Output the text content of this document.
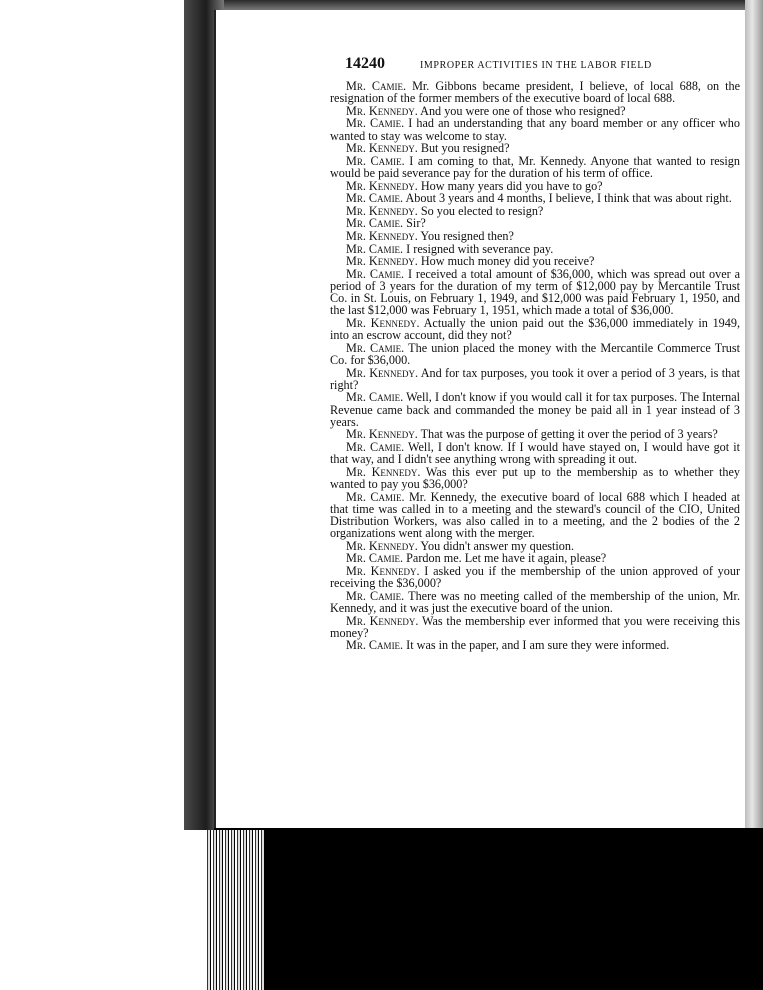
14240	IMPROPER ACTIVITIES IN THE LABOR FIELD

Mr. Camie. Mr. Gibbons became president, I believe, of local 688, on the resignation of the former members of the executive board of local 688.

Mr. Kennedy. And you were one of those who resigned?

Mr. Camie. I had an understanding that any board member or any officer who wanted to stay was welcome to stay.

Mr. Kennedy. But you resigned?

Mr. Camie. I am coming to that, Mr. Kennedy. Anyone that wanted to resign would be paid severance pay for the duration of his term of office.

Mr. Kennedy. How many years did you have to go?

Mr. Camie. About 3 years and 4 months, I believe, I think that was about right.

Mr. Kennedy. So you elected to resign?

Mr. Camie. Sir?

Mr. Kennedy. You resigned then?

Mr. Camie. I resigned with severance pay.

Mr. Kennedy. How much money did you receive?

Mr. Camie. I received a total amount of $36,000, which was spread out over a period of 3 years for the duration of my term of $12,000 pay by Mercantile Trust Co. in St. Louis, on February 1, 1949, and $12,000 was paid February 1, 1950, and the last $12,000 was February 1, 1951, which made a total of $36,000.

Mr. Kennedy. Actually the union paid out the $36,000 immediately in 1949, into an escrow account, did they not?

Mr. Camie. The union placed the money with the Mercantile Commerce Trust Co. for $36,000.

Mr. Kennedy. And for tax purposes, you took it over a period of 3 years, is that right?

Mr. Camie. Well, I don't know if you would call it for tax purposes. The Internal Revenue came back and commanded the money be paid all in 1 year instead of 3 years.

Mr. Kennedy. That was the purpose of getting it over the period of 3 years?

Mr. Camie. Well, I don't know. If I would have stayed on, I would have got it that way, and I didn't see anything wrong with spreading it out.

Mr. Kennedy. Was this ever put up to the membership as to whether they wanted to pay you $36,000?

Mr. Camie. Mr. Kennedy, the executive board of local 688 which I headed at that time was called in to a meeting and the steward's council of the CIO, United Distribution Workers, was also called in to a meeting, and the 2 bodies of the 2 organizations went along with the merger.

Mr. Kennedy. You didn't answer my question.

Mr. Camie. Pardon me. Let me have it again, please?

Mr. Kennedy. I asked you if the membership of the union approved of your receiving the $36,000?

Mr. Camie. There was no meeting called of the membership of the union, Mr. Kennedy, and it was just the executive board of the union.

Mr. Kennedy. Was the membership ever informed that you were receiving this money?

Mr. Camie. It was in the paper, and I am sure they were informed.
